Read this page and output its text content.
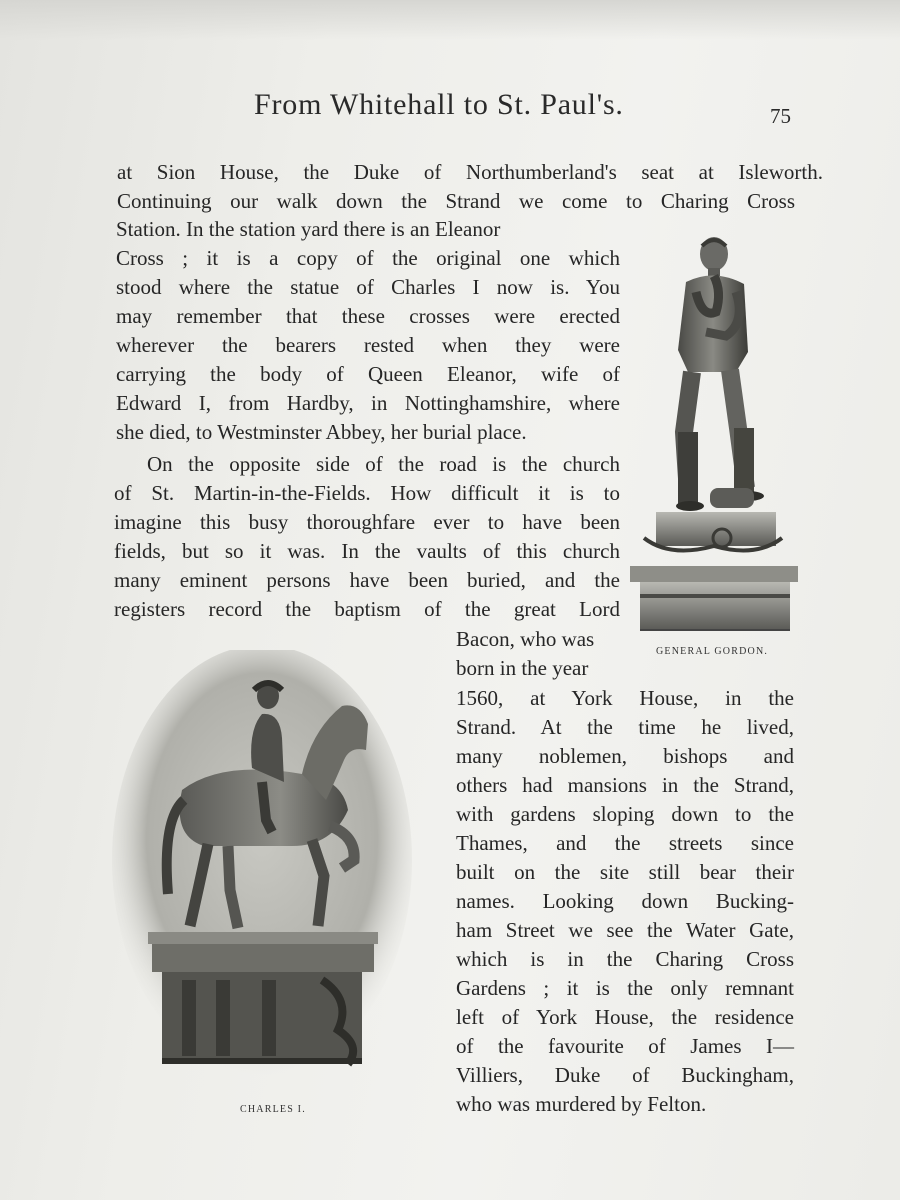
From Whitehall to St. Paul's.	75
at Sion House, the Duke of Northumberland's seat at Isleworth.
Continuing our walk down the Strand we come to Charing Cross
Station. In the station yard there is an Eleanor
Cross ; it is a copy of the original one which
stood where the statue of Charles I now is. You
may remember that these crosses were erected
wherever the bearers rested when they were
carrying the body of Queen Eleanor, wife of
Edward I, from Hardby, in Nottinghamshire, where
she died, to Westminster Abbey, her burial place.
On the opposite side of the road is the church
of St. Martin-in-the-Fields. How difficult it is to
imagine this busy thoroughfare ever to have been
fields, but so it was. In the vaults of this church
many eminent persons have been buried, and the
registers record the baptism of the great Lord
Bacon, who was
born in the year
1560, at York House, in the
Strand. At the time he lived,
many noblemen, bishops and
others had mansions in the Strand,
with gardens sloping down to the
Thames, and the streets since
built on the site still bear their
names. Looking down Bucking-
ham Street we see the Water Gate,
which is in the Charing Cross
Gardens ; it is the only remnant
left of York House, the residence
of the favourite of James I—
Villiers, Duke of Buckingham,
who was murdered by Felton.
GENERAL GORDON.
CHARLES I.
